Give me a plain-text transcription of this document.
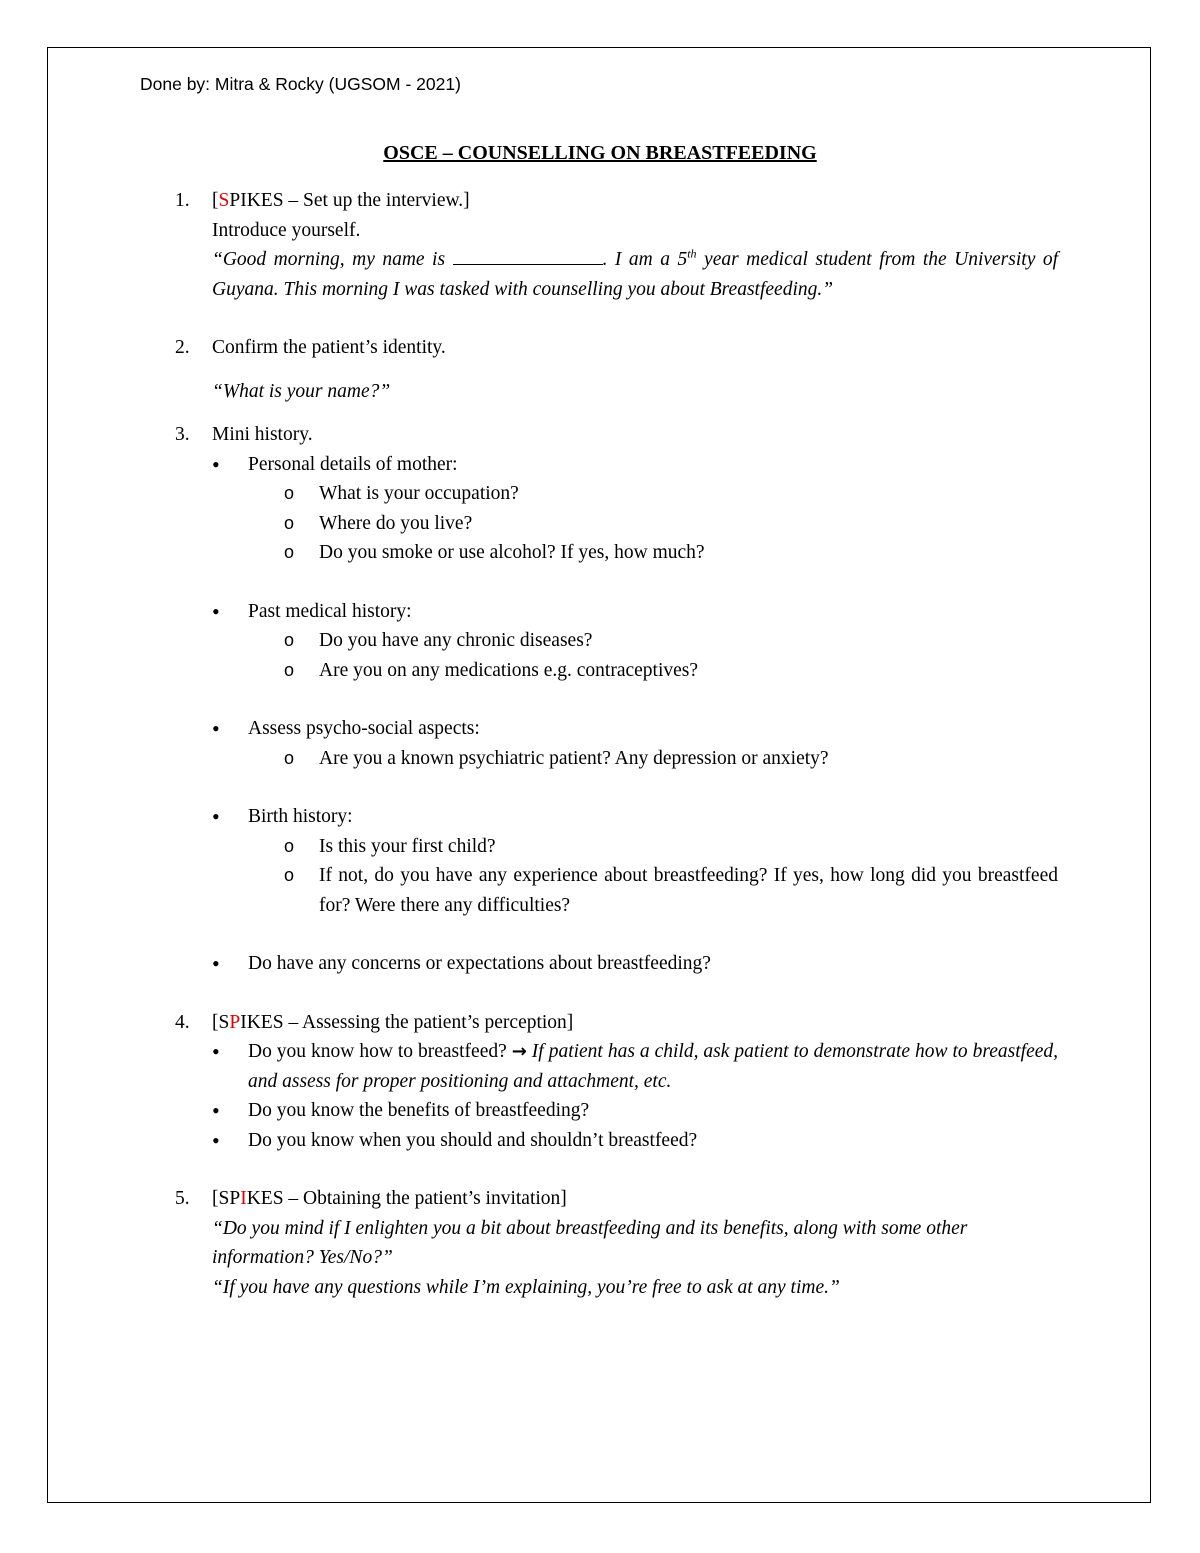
Done by: Mitra & Rocky (UGSOM - 2021)
OSCE – COUNSELLING ON BREASTFEEDING
1. [SPIKES – Set up the interview.]
Introduce yourself.
“Good morning, my name is	. I am a 5th year medical student from the University of Guyana. This morning I was tasked with counselling you about Breastfeeding.”
2. Confirm the patient’s identity.
“What is your name?”
3. Mini history.
• Personal details of mother:
o What is your occupation?
o Where do you live?
o Do you smoke or use alcohol? If yes, how much?
• Past medical history:
o Do you have any chronic diseases?
o Are you on any medications e.g. contraceptives?
• Assess psycho-social aspects:
o Are you a known psychiatric patient? Any depression or anxiety?
• Birth history:
o Is this your first child?
o If not, do you have any experience about breastfeeding? If yes, how long did you breastfeed for? Were there any difficulties?
• Do have any concerns or expectations about breastfeeding?
4. [SPIKES – Assessing the patient’s perception]
• Do you know how to breastfeed? → If patient has a child, ask patient to demonstrate how to breastfeed, and assess for proper positioning and attachment, etc.
• Do you know the benefits of breastfeeding?
• Do you know when you should and shouldn’t breastfeed?
5. [SPIKES – Obtaining the patient’s invitation]
“Do you mind if I enlighten you a bit about breastfeeding and its benefits, along with some other information? Yes/No?”
“If you have any questions while I’m explaining, you’re free to ask at any time.”
